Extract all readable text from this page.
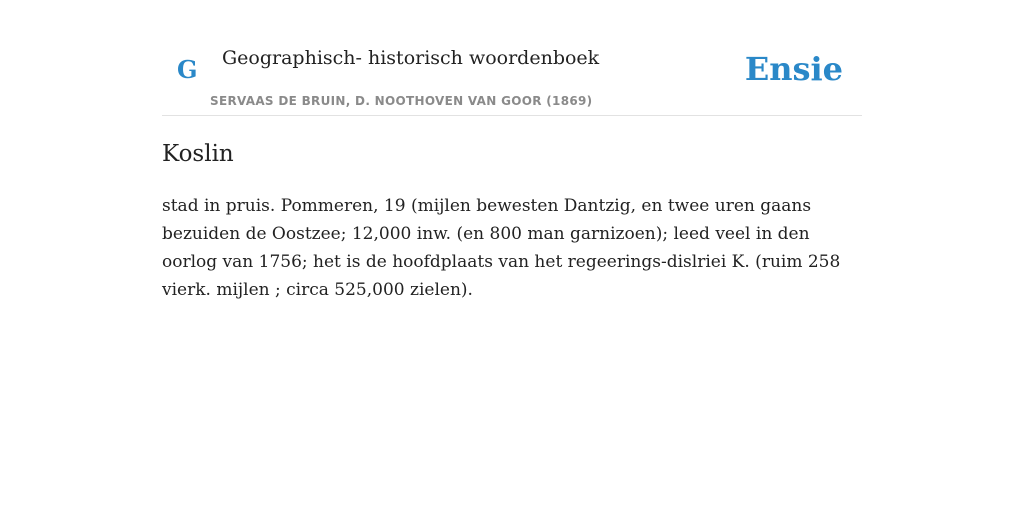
G Geographisch- historisch woordenboek
SERVAAS DE BRUIN, D. NOOTHOVEN VAN GOOR (1869)
Ensie
Koslin

stad in pruis. Pommeren, 19 (mijlen bewesten Dantzig, en twee uren gaans bezuiden de Oostzee; 12,000 inw. (en 800 man garnizoen); leed veel in den oorlog van 1756; het is de hoofdplaats van het regeerings-dislriei K. (ruim 258 vierk. mijlen ; circa 525,000 zielen).
